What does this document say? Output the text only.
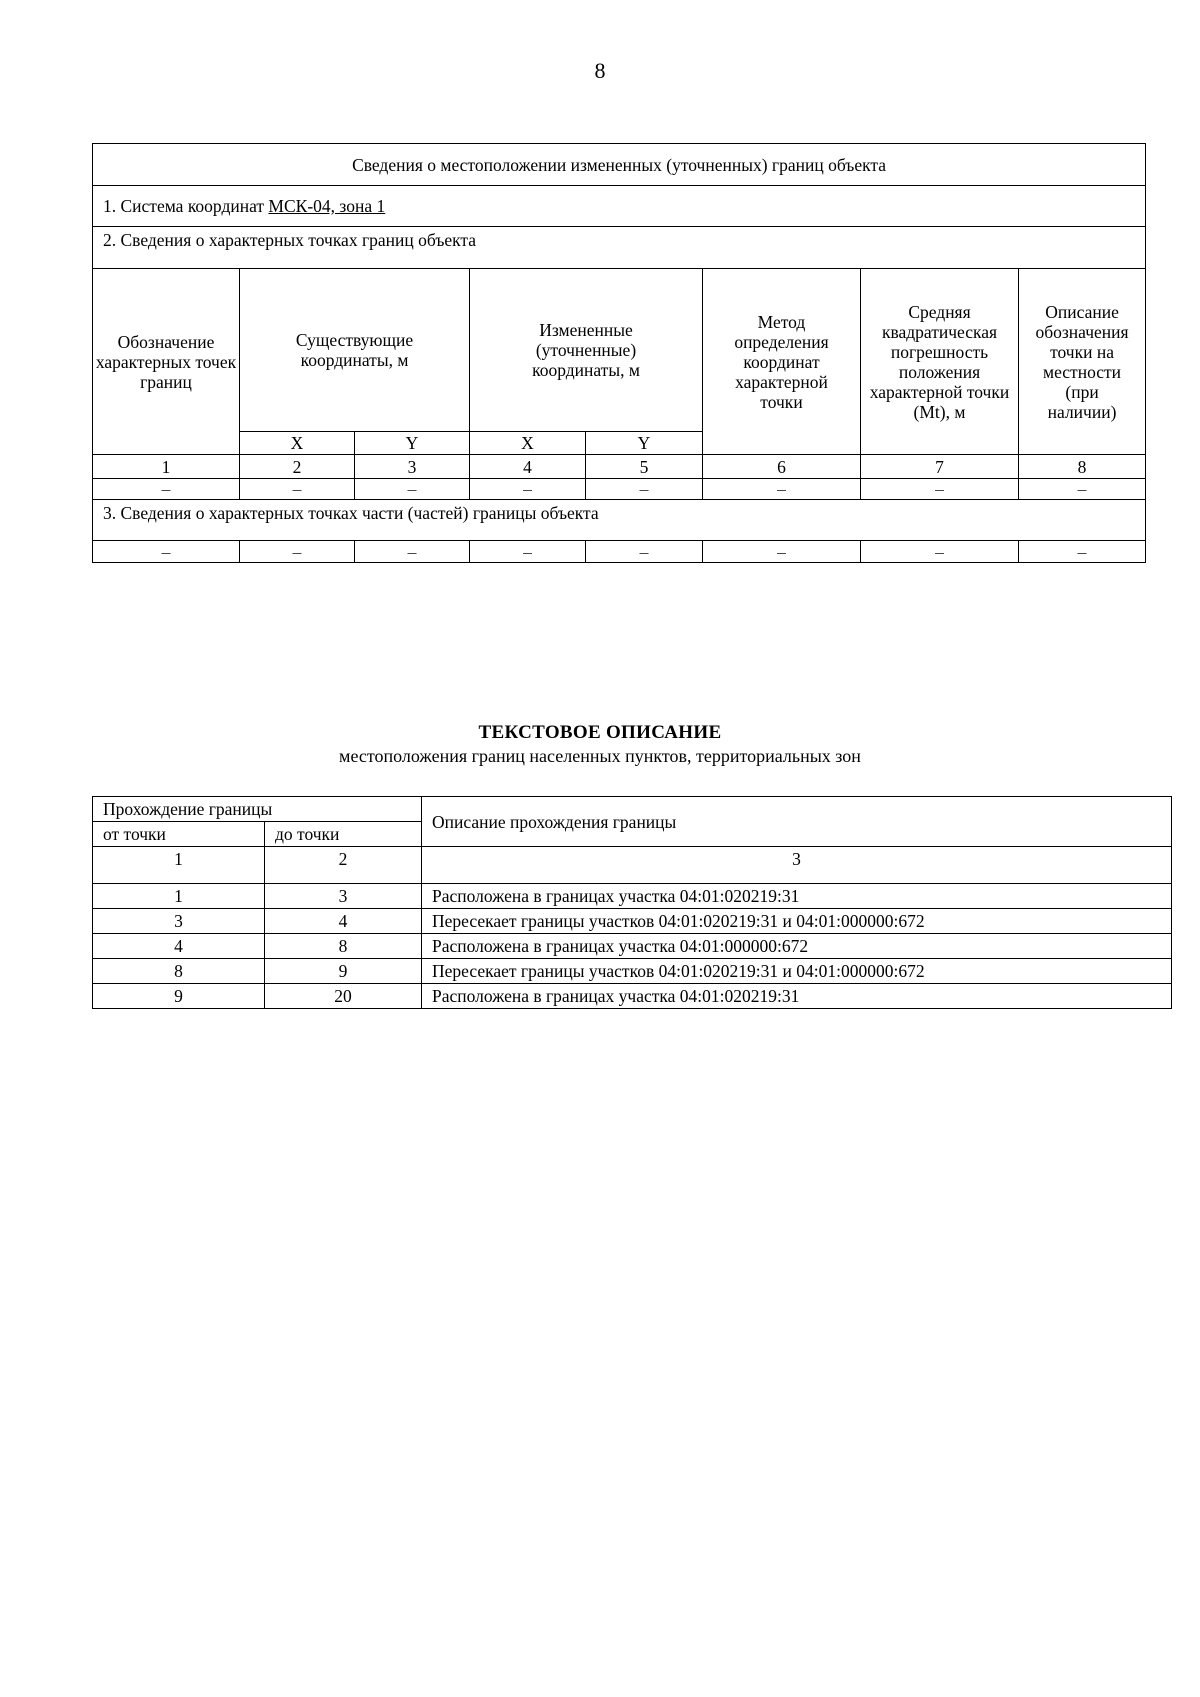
8
Сведения о местоположении измененных (уточненных) границ объекта							
1. Система координат МСК-04, зона 1							
2. Сведения о характерных точках границ объекта							
Обозначение характерных точек границ	Существующие координаты, м		Измененные (уточненные) координаты, м		Метод определения координат характерной точки	Средняя квадратическая погрешность положения характерной точки (Mt), м	Описание обозначения точки на местности (при наличии)
	X	Y	X	Y			
1	2	3	4	5	6	7	8
–	–	–	–	–	–	–	–
3. Сведения о характерных точках части (частей) границы объекта							
–	–	–	–	–	–	–	–
ТЕКСТОВОЕ ОПИСАНИЕ
местоположения границ населенных пунктов, территориальных зон
Прохождение границы		Описание прохождения границы
от точки	до точки	
1	2	3
1	3	Расположена в границах участка 04:01:020219:31
3	4	Пересекает границы участков 04:01:020219:31 и 04:01:000000:672
4	8	Расположена в границах участка 04:01:000000:672
8	9	Пересекает границы участков 04:01:020219:31 и 04:01:000000:672
9	20	Расположена в границах участка 04:01:020219:31
